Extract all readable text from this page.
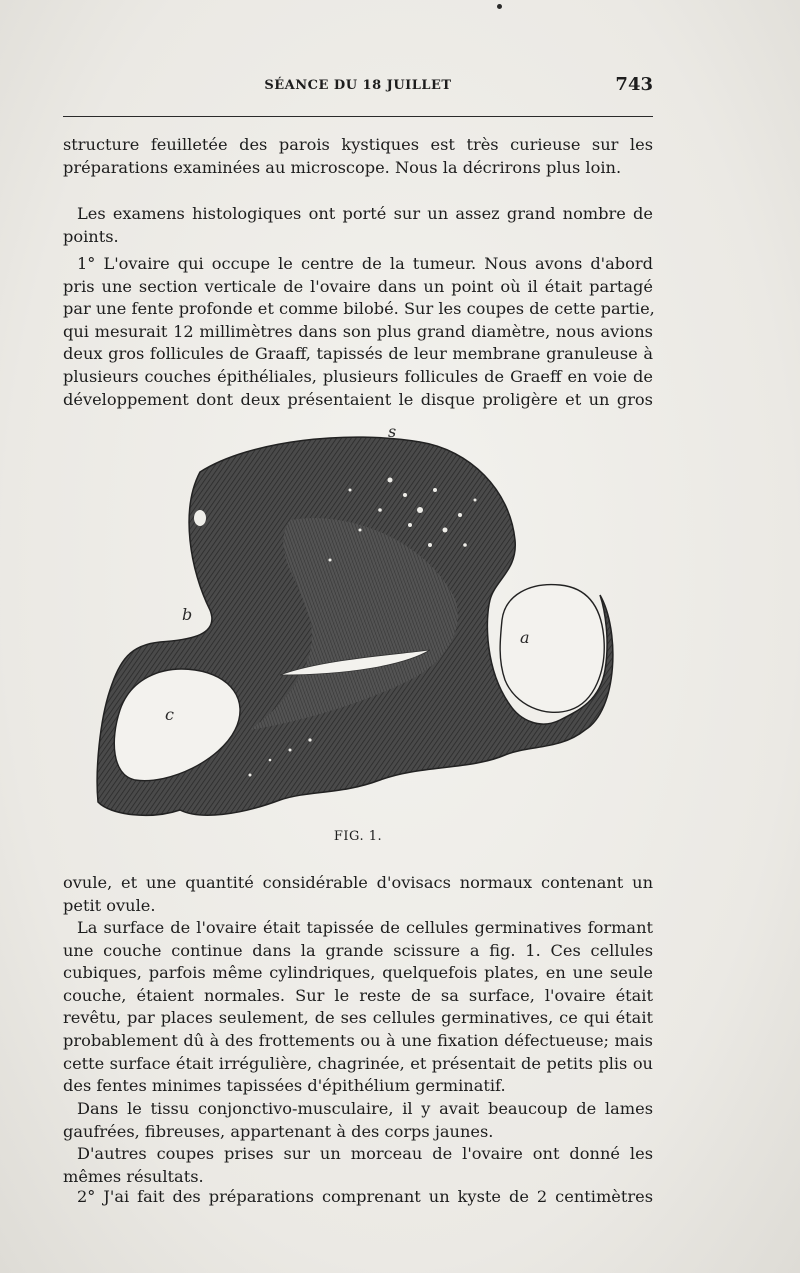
SÉANCE DU 18 JUILLET	743
structure feuilletée des parois kystiques est très curieuse sur les
préparations examinées au microscope. Nous la décrirons plus loin.
Les examens histologiques ont porté sur un assez grand nombre de
points.
1° L'ovaire qui occupe le centre de la tumeur. Nous avons d'abord
pris une section verticale de l'ovaire dans un point où il était partagé
par une fente profonde et comme bilobé. Sur les coupes de cette partie,
qui mesurait 12 millimètres dans son plus grand diamètre, nous avions
deux gros follicules de Graaff, tapissés de leur membrane granuleuse à
plusieurs couches épithéliales, plusieurs follicules de Graeff en voie de
développement dont deux présentaient le disque proligère et un gros
s
a
b
c
FIG. 1.
ovule, et une quantité considérable d'ovisacs normaux contenant un
petit ovule.
La surface de l'ovaire était tapissée de cellules germinatives formant
une couche continue dans la grande scissure a fig. 1. Ces cellules
cubiques, parfois même cylindriques, quelquefois plates, en une seule
couche, étaient normales. Sur le reste de sa surface, l'ovaire était
revêtu, par places seulement, de ses cellules germinatives, ce qui était
probablement dû à des frottements ou à une fixation défectueuse; mais
cette surface était irrégulière, chagrinée, et présentait de petits plis ou
des fentes minimes tapissées d'épithélium germinatif.
Dans le tissu conjonctivo-musculaire, il y avait beaucoup de lames
gaufrées, fibreuses, appartenant à des corps jaunes.
D'autres coupes prises sur un morceau de l'ovaire ont donné les
mêmes résultats.
2° J'ai fait des préparations comprenant un kyste de 2 centimètres
